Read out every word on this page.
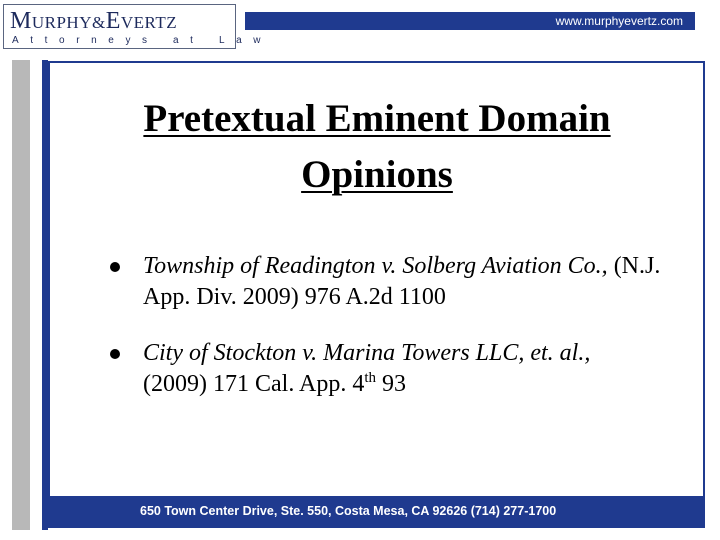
MURPHY&EVERTZ
Attorneys at Law
www.murphyevertz.com
Pretextual Eminent Domain
Opinions
Township of Readington v. Solberg Aviation Co., (N.J. App. Div. 2009) 976 A.2d 1100
City of Stockton v. Marina Towers LLC, et. al.,
(2009) 171 Cal. App. 4th 93
650 Town Center Drive, Ste. 550, Costa Mesa, CA 92626 (714) 277-1700
